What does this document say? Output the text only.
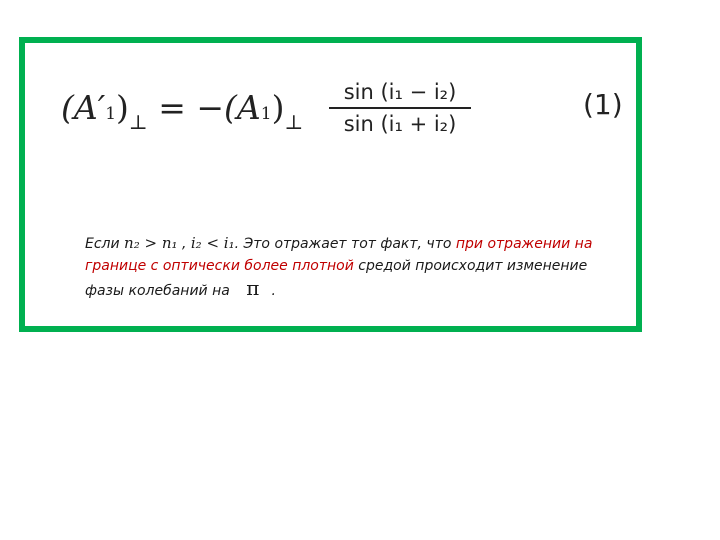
$(A'1)_\perp = -(A1)_\perp$
sin (i₁ − i₂)
sin (i₁ + i₂)
(1)
Если n₂ > n₁ , i₂ < i₁. Это отражает тот факт, что при отражении на границе с оптически более плотной средой происходит изменение фазы колебаний на π .
